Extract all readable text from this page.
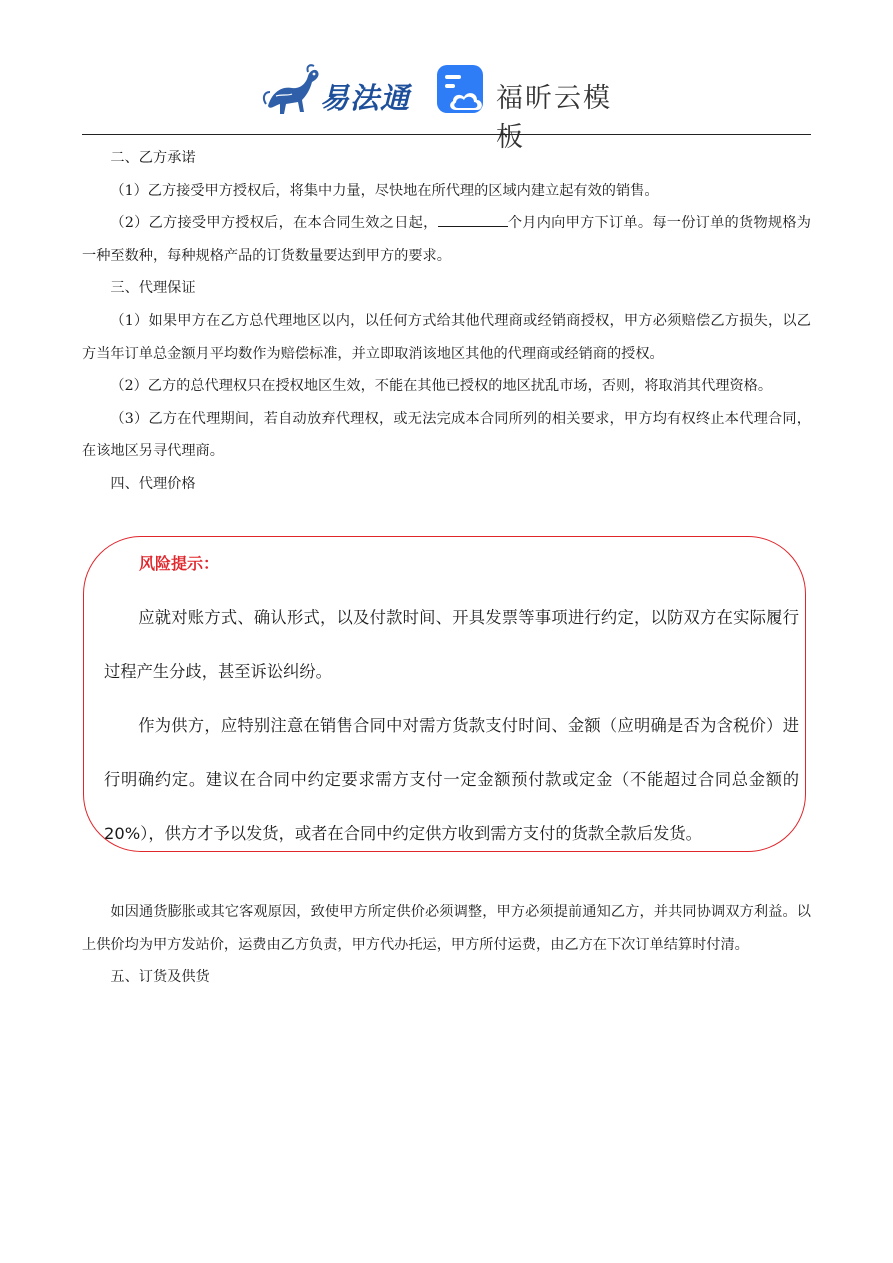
易法通	福昕云模板

二、乙方承诺

（1）乙方接受甲方授权后，将集中力量，尽快地在所代理的区域内建立起有效的销售。

（2）乙方接受甲方授权后，在本合同生效之日起，	个月内向甲方下订单。每一份订单的货物规格为一种至数种，每种规格产品的订货数量要达到甲方的要求。

三、代理保证

（1）如果甲方在乙方总代理地区以内，以任何方式给其他代理商或经销商授权，甲方必须赔偿乙方损失，以乙方当年订单总金额月平均数作为赔偿标准，并立即取消该地区其他的代理商或经销商的授权。

（2）乙方的总代理权只在授权地区生效，不能在其他已授权的地区扰乱市场，否则，将取消其代理资格。

（3）乙方在代理期间，若自动放弃代理权，或无法完成本合同所列的相关要求，甲方均有权终止本代理合同，在该地区另寻代理商。

四、代理价格

风险提示：

应就对账方式、确认形式，以及付款时间、开具发票等事项进行约定，以防双方在实际履行过程产生分歧，甚至诉讼纠纷。

作为供方，应特别注意在销售合同中对需方货款支付时间、金额（应明确是否为含税价）进行明确约定。建议在合同中约定要求需方支付一定金额预付款或定金（不能超过合同总金额的 20%），供方才予以发货，或者在合同中约定供方收到需方支付的货款全款后发货。

如因通货膨胀或其它客观原因，致使甲方所定供价必须调整，甲方必须提前通知乙方，并共同协调双方利益。以上供价均为甲方发站价，运费由乙方负责，甲方代办托运，甲方所付运费，由乙方在下次订单结算时付清。

五、订货及供货
